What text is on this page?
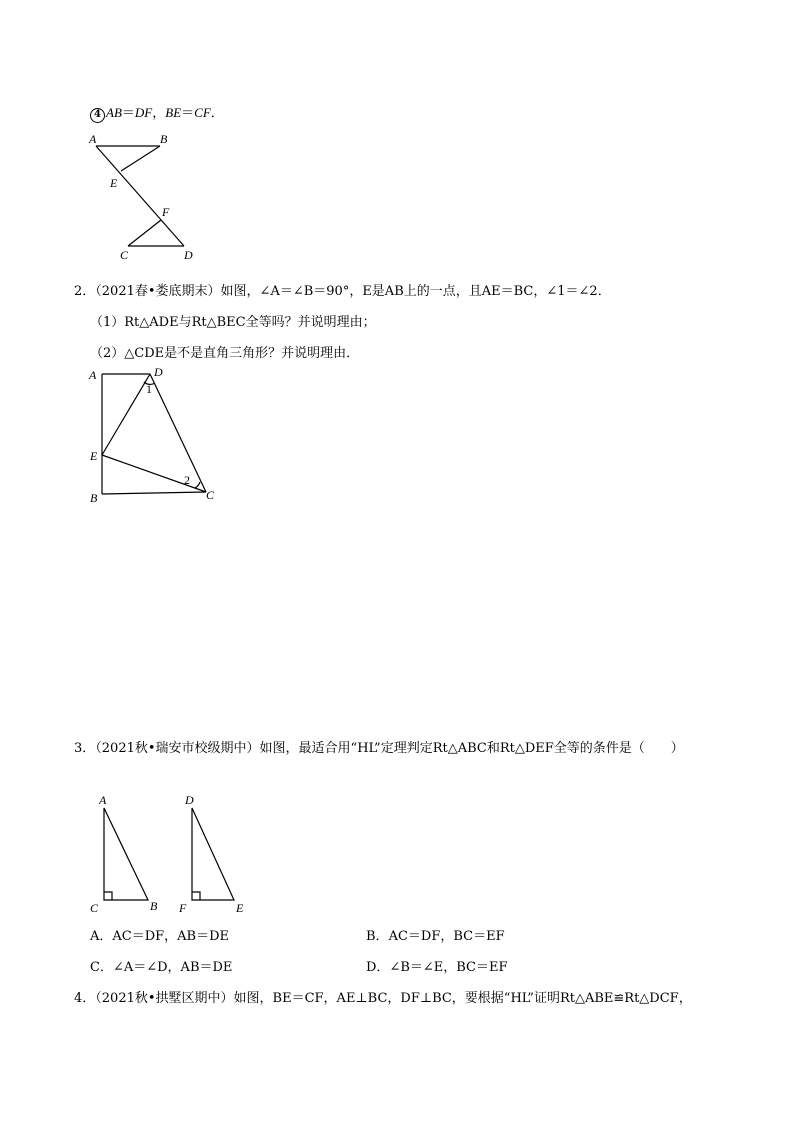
4 AB＝DF，BE＝CF．
A	B
E
F
C	D
2．（2021春•娄底期末）如图，∠A＝∠B＝90°，E是AB上的一点，且AE＝BC，∠1＝∠2．
（1）Rt△ADE与Rt△BEC全等吗？并说明理由；
（2）△CDE是不是直角三角形？并说明理由．
A	D
1
E
2
B	C
3．（2021秋•瑞安市校级期中）如图，最适合用“HL”定理判定Rt△ABC和Rt△DEF全等的条件是（　　）
A
C	B
D
F	E
A．AC＝DF，AB＝DE	B．AC＝DF，BC＝EF
C．∠A＝∠D，AB＝DE	D．∠B＝∠E，BC＝EF
4．（2021秋•拱墅区期中）如图，BE＝CF，AE⊥BC，DF⊥BC，要根据“HL”证明Rt△ABE≌Rt△DCF，
